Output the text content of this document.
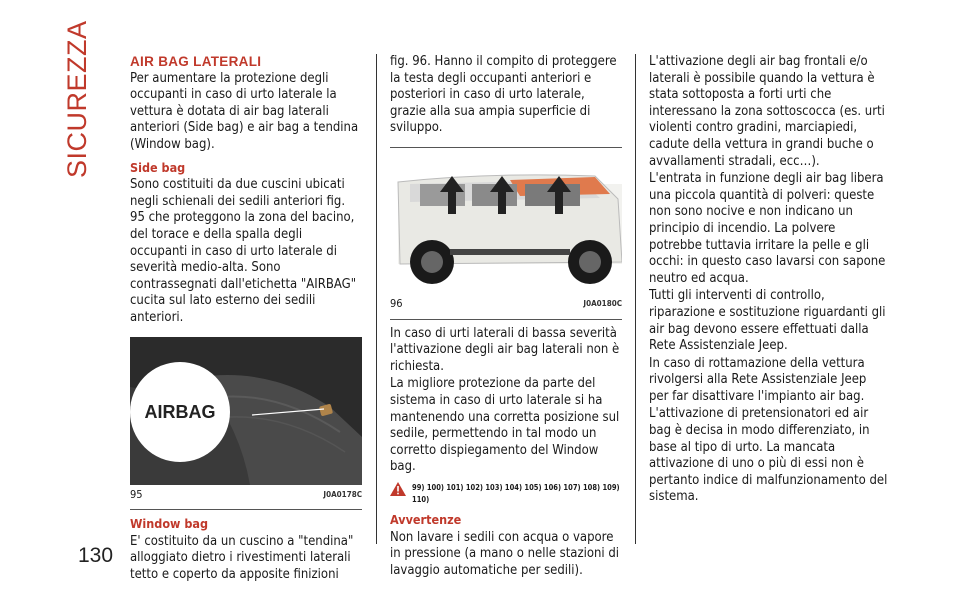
SICUREZZA
130
AIR BAG LATERALI

Per aumentare la protezione degli occupanti in caso di urto laterale la vettura è dotata di air bag laterali anteriori (Side bag) e air bag a tendina (Window bag).

Side bag

Sono costituiti da due cuscini ubicati negli schienali dei sedili anteriori fig. 95 che proteggono la zona del bacino, del torace e della spalla degli occupanti in caso di urto laterale di severità medio-alta. Sono contrassegnati dall'etichetta "AIRBAG" cucita sul lato esterno dei sedili anteriori.

AIRBAG
95	J0A0178C
Window bag

E' costituito da un cuscino a "tendina" alloggiato dietro i rivestimenti laterali tetto e coperto da apposite finizioni

fig. 96. Hanno il compito di proteggere la testa degli occupanti anteriori e posteriori in caso di urto laterale, grazie alla sua ampia superficie di sviluppo.

96	J0A0180C

In caso di urti laterali di bassa severità l'attivazione degli air bag laterali non è richiesta.

La migliore protezione da parte del sistema in caso di urto laterale si ha mantenendo una corretta posizione sul sedile, permettendo in tal modo un corretto dispiegamento del Window bag.

99) 100) 101) 102) 103) 104) 105) 106) 107) 108) 109) 110)
Avvertenze

Non lavare i sedili con acqua o vapore in pressione (a mano o nelle stazioni di lavaggio automatiche per sedili).

L'attivazione degli air bag frontali e/o laterali è possibile quando la vettura è stata sottoposta a forti urti che interessano la zona sottoscocca (es. urti violenti contro gradini, marciapiedi, cadute della vettura in grandi buche o avvallamenti stradali, ecc…).

L'entrata in funzione degli air bag libera una piccola quantità di polveri: queste non sono nocive e non indicano un principio di incendio. La polvere potrebbe tuttavia irritare la pelle e gli occhi: in questo caso lavarsi con sapone neutro ed acqua.

Tutti gli interventi di controllo, riparazione e sostituzione riguardanti gli air bag devono essere effettuati dalla Rete Assistenziale Jeep.

In caso di rottamazione della vettura rivolgersi alla Rete Assistenziale Jeep per far disattivare l'impianto air bag.

L'attivazione di pretensionatori ed air bag è decisa in modo differenziato, in base al tipo di urto. La mancata attivazione di uno o più di essi non è pertanto indice di malfunzionamento del sistema.
